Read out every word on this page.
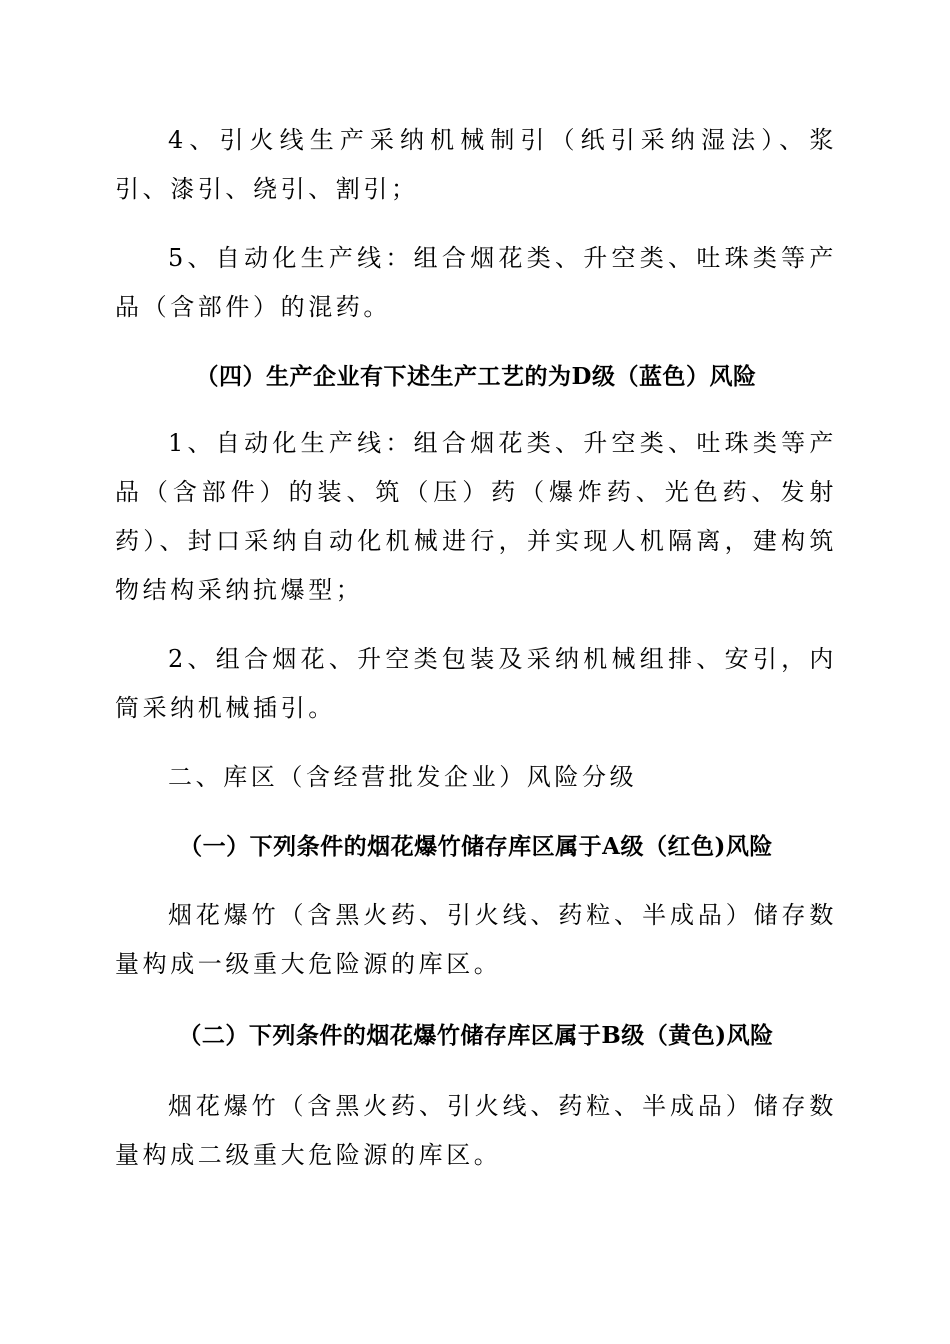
4、引火线生产采纳机械制引（纸引采纳湿法）、浆引、漆引、绕引、割引；

5、自动化生产线：组合烟花类、升空类、吐珠类等产品（含部件）的混药。

（四）生产企业有下述生产工艺的为D级（蓝色）风险

1、自动化生产线：组合烟花类、升空类、吐珠类等产品（含部件）的装、筑（压）药（爆炸药、光色药、发射药）、封口采纳自动化机械进行，并实现人机隔离，建构筑物结构采纳抗爆型；

2、组合烟花、升空类包装及采纳机械组排、安引，内筒采纳机械插引。

二、库区（含经营批发企业）风险分级

（一）下列条件的烟花爆竹储存库区属于A级（红色)风险

烟花爆竹（含黑火药、引火线、药粒、半成品）储存数量构成一级重大危险源的库区。

（二）下列条件的烟花爆竹储存库区属于B级（黄色)风险

烟花爆竹（含黑火药、引火线、药粒、半成品）储存数量构成二级重大危险源的库区。
